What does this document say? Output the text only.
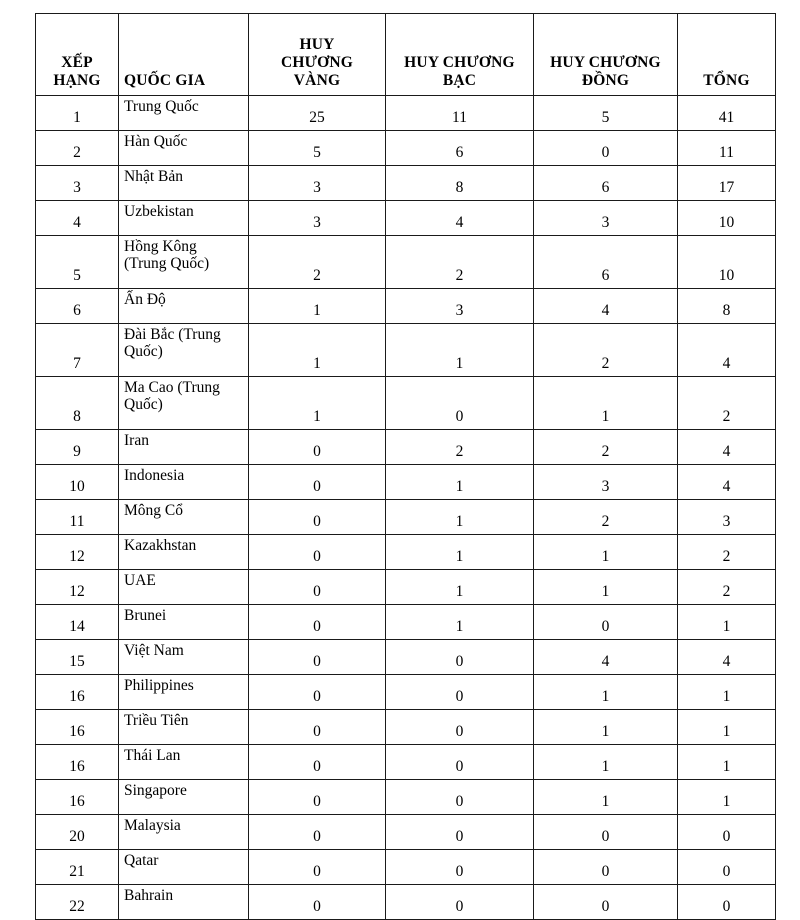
XẾP
HẠNG	QUỐC GIA	HUY
CHƯƠNG
VÀNG	HUY CHƯƠNG
BẠC	HUY CHƯƠNG
ĐỒNG	TỔNG
1	Trung Quốc	25	11	5	41
2	Hàn Quốc	5	6	0	11
3	Nhật Bản	3	8	6	17
4	Uzbekistan	3	4	3	10
5	Hồng Kông
(Trung Quốc)	2	2	6	10
6	Ấn Độ	1	3	4	8
7	Đài Bắc (Trung
Quốc)	1	1	2	4
8	Ma Cao (Trung
Quốc)	1	0	1	2
9	Iran	0	2	2	4
10	Indonesia	0	1	3	4
11	Mông Cổ	0	1	2	3
12	Kazakhstan	0	1	1	2
12	UAE	0	1	1	2
14	Brunei	0	1	0	1
15	Việt Nam	0	0	4	4
16	Philippines	0	0	1	1
16	Triều Tiên	0	0	1	1
16	Thái Lan	0	0	1	1
16	Singapore	0	0	1	1
20	Malaysia	0	0	0	0
21	Qatar	0	0	0	0
22	Bahrain	0	0	0	0
